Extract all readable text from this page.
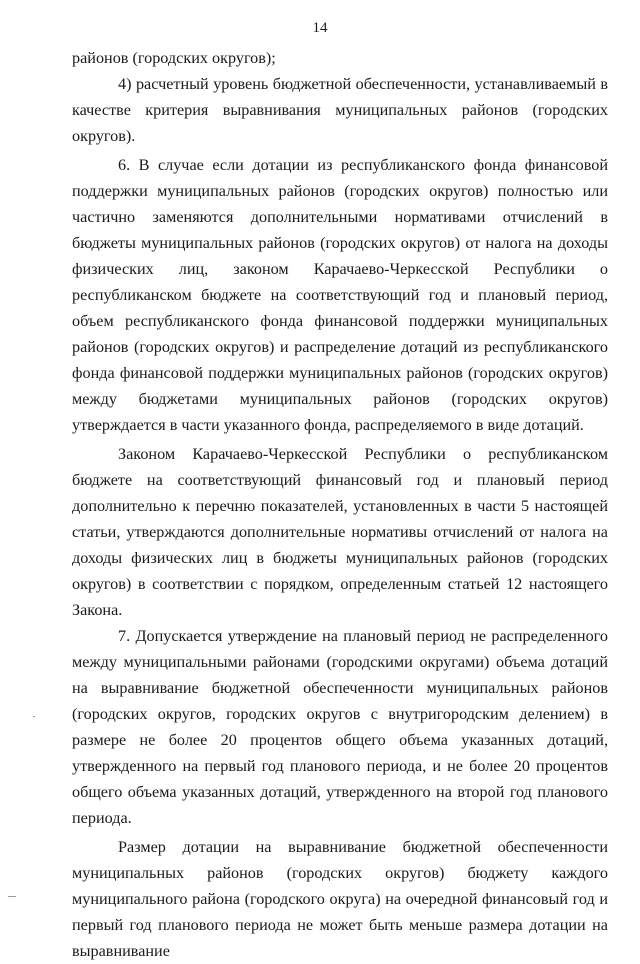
14

районов (городских округов);

4) расчетный уровень бюджетной обеспеченности, устанавливаемый в качестве критерия выравнивания муниципальных районов (городских округов).

6. В случае если дотации из республиканского фонда финансовой поддержки муниципальных районов (городских округов) полностью или частично заменяются дополнительными нормативами отчислений в бюджеты муниципальных районов (городских округов) от налога на доходы физических лиц, законом Карачаево-Черкесской Республики о республиканском бюджете на соответствующий год и плановый период, объем республиканского фонда финансовой поддержки муниципальных районов (городских округов) и распределение дотаций из республиканского фонда финансовой поддержки муниципальных районов (городских округов) между бюджетами муниципальных районов (городских округов) утверждается в части указанного фонда, распределяемого в виде дотаций.

Законом Карачаево-Черкесской Республики о республиканском бюджете на соответствующий финансовый год и плановый период дополнительно к перечню показателей, установленных в части 5 настоящей статьи, утверждаются дополнительные нормативы отчислений от налога на доходы физических лиц в бюджеты муниципальных районов (городских округов) в соответствии с порядком, определенным статьей 12 настоящего Закона.

7. Допускается утверждение на плановый период не распределенного между муниципальными районами (городскими округами) объема дотаций на выравнивание бюджетной обеспеченности муниципальных районов (городских округов, городских округов с внутригородским делением) в размере не более 20 процентов общего объема указанных дотаций, утвержденного на первый год планового периода, и не более 20 процентов общего объема указанных дотаций, утвержденного на второй год планового периода.

Размер дотации на выравнивание бюджетной обеспеченности муниципальных районов (городских округов) бюджету каждого муниципального района (городского округа) на очередной финансовый год и первый год планового периода не может быть меньше размера дотации на выравнивание
